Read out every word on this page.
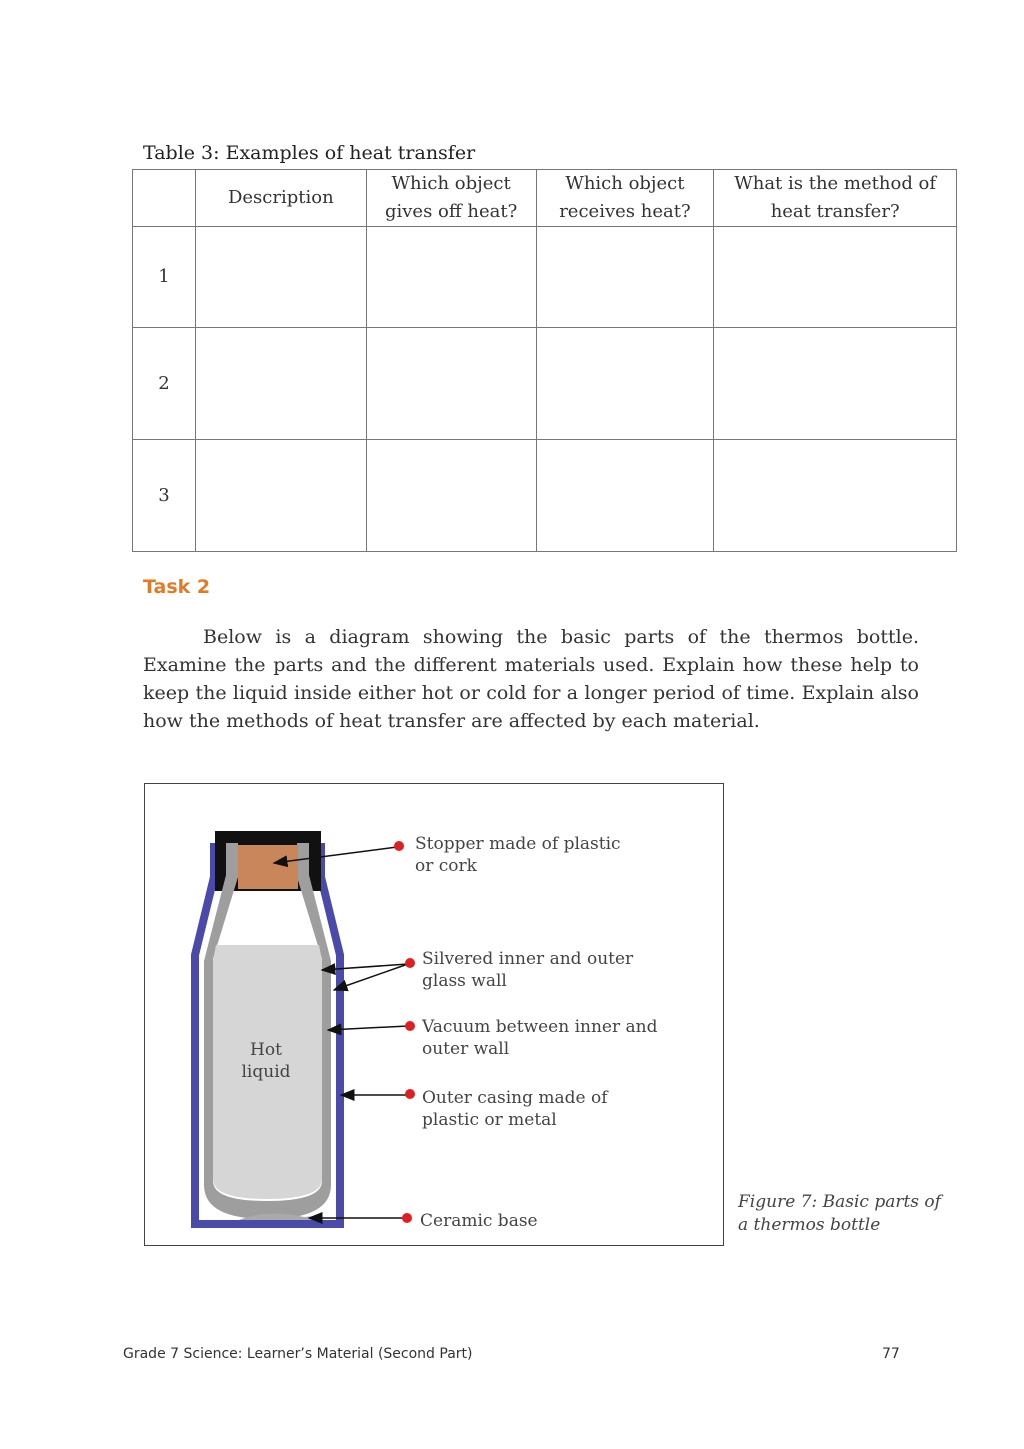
Table 3: Examples of heat transfer
	Description	Which object gives off heat?	Which object receives heat?	What is the method of heat transfer?
1				
2				
3				
Task 2
Below is a diagram showing the basic parts of the thermos bottle. Examine the parts and the different materials used. Explain how these help to keep the liquid inside either hot or cold for a longer period of time. Explain also how the methods of heat transfer are affected by each material.
Stopper made of plastic
or cork
Silvered inner and outer
glass wall
Vacuum between inner and
outer wall
Outer casing made of
plastic or metal
Ceramic base
Hot
liquid
Figure 7: Basic parts of
a thermos bottle
Grade 7 Science: Learner’s Material (Second Part)	77
